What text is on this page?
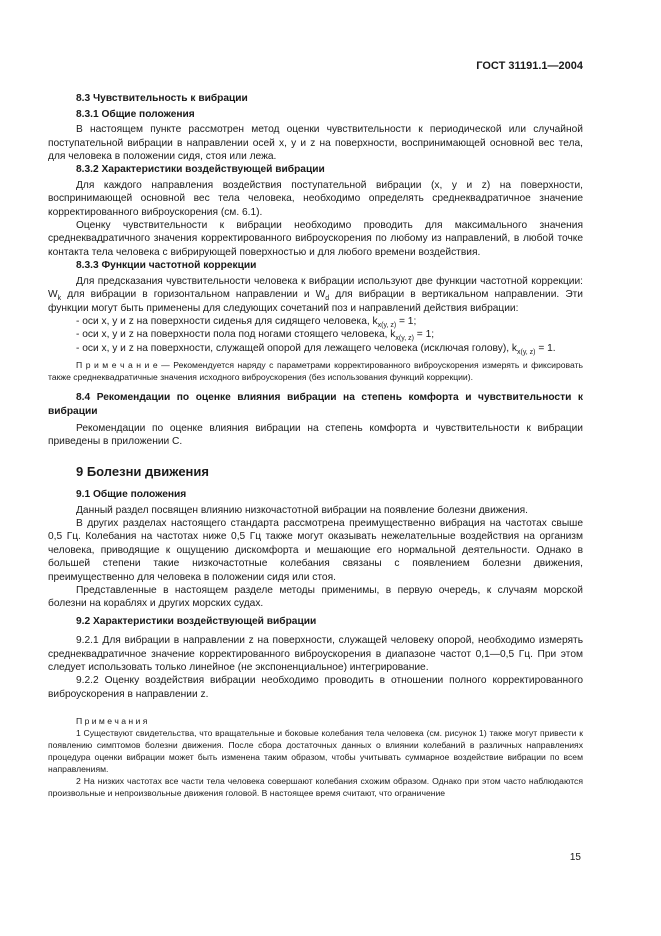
ГОСТ 31191.1—2004
8.3 Чувствительность к вибрации
8.3.1 Общие положения

В настоящем пункте рассмотрен метод оценки чувствительности к периодической или случайной поступательной вибрации в направлении осей x, y и z на поверхности, воспринимающей основной вес тела, для человека в положении сидя, стоя или лежа.

8.3.2 Характеристики воздействующей вибрации

Для каждого направления воздействия поступательной вибрации (x, y и z) на поверхности, воспринимающей основной вес тела человека, необходимо определять среднеквадратичное значение корректированного виброускорения (см. 6.1).

Оценку чувствительности к вибрации необходимо проводить для максимального значения среднеквадратичного значения корректированного виброускорения по любому из направлений, в любой точке контакта тела человека с вибрирующей поверхностью и для любого времени воздействия.

8.3.3 Функции частотной коррекции

Для предсказания чувствительности человека к вибрации используют две функции частотной коррекции: $W_k$ для вибрации в горизонтальном направлении и $W_d$ для вибрации в вертикальном направлении. Эти функции могут быть применены для следующих сочетаний поз и направлений действия вибрации:

- оси x, y и z на поверхности сиденья для сидящего человека, $k_{x(y, z)} = 1$;

- оси x, y и z на поверхности пола под ногами стоящего человека, $k_{x(y, z)} = 1$;

- оси x, y и z на поверхности, служащей опорой для лежащего человека (исключая голову), $k_{x(y, z)} = 1$.

П р и м е ч а н и е — Рекомендуется наряду с параметрами корректированного виброускорения измерять и фиксировать также среднеквадратичные значения исходного виброускорения (без использования функций коррекции).

8.4 Рекомендации по оценке влияния вибрации на степень комфорта и чувствительности к вибрации

Рекомендации по оценке влияния вибрации на степень комфорта и чувствительности к вибрации приведены в приложении С.

9 Болезни движения
9.1 Общие положения

Данный раздел посвящен влиянию низкочастотной вибрации на появление болезни движения.

В других разделах настоящего стандарта рассмотрена преимущественно вибрация на частотах свыше 0,5 Гц. Колебания на частотах ниже 0,5 Гц также могут оказывать нежелательные воздействия на организм человека, приводящие к ощущению дискомфорта и мешающие его нормальной деятельности. Однако в большей степени такие низкочастотные колебания связаны с появлением болезни движения, преимущественно для человека в положении сидя или стоя.

Представленные в настоящем разделе методы применимы, в первую очередь, к случаям морской болезни на кораблях и других морских судах.

9.2 Характеристики воздействующей вибрации

9.2.1 Для вибрации в направлении z на поверхности, служащей человеку опорой, необходимо измерять среднеквадратичное значение корректированного виброускорения в диапазоне частот 0,1—0,5 Гц. При этом следует использовать только линейное (не экспоненциальное) интегрирование.

9.2.2 Оценку воздействия вибрации необходимо проводить в отношении полного корректированного виброускорения в направлении z.

П р и м е ч а н и я

1 Существуют свидетельства, что вращательные и боковые колебания тела человека (см. рисунок 1) также могут привести к появлению симптомов болезни движения. После сбора достаточных данных о влиянии колебаний в различных направлениях процедура оценки вибрации может быть изменена таким образом, чтобы учитывать суммарное воздействие вибрации по всем направлениям.

2 На низких частотах все части тела человека совершают колебания схожим образом. Однако при этом часто наблюдаются произвольные и непроизвольные движения головой. В настоящее время считают, что ограничение

15
